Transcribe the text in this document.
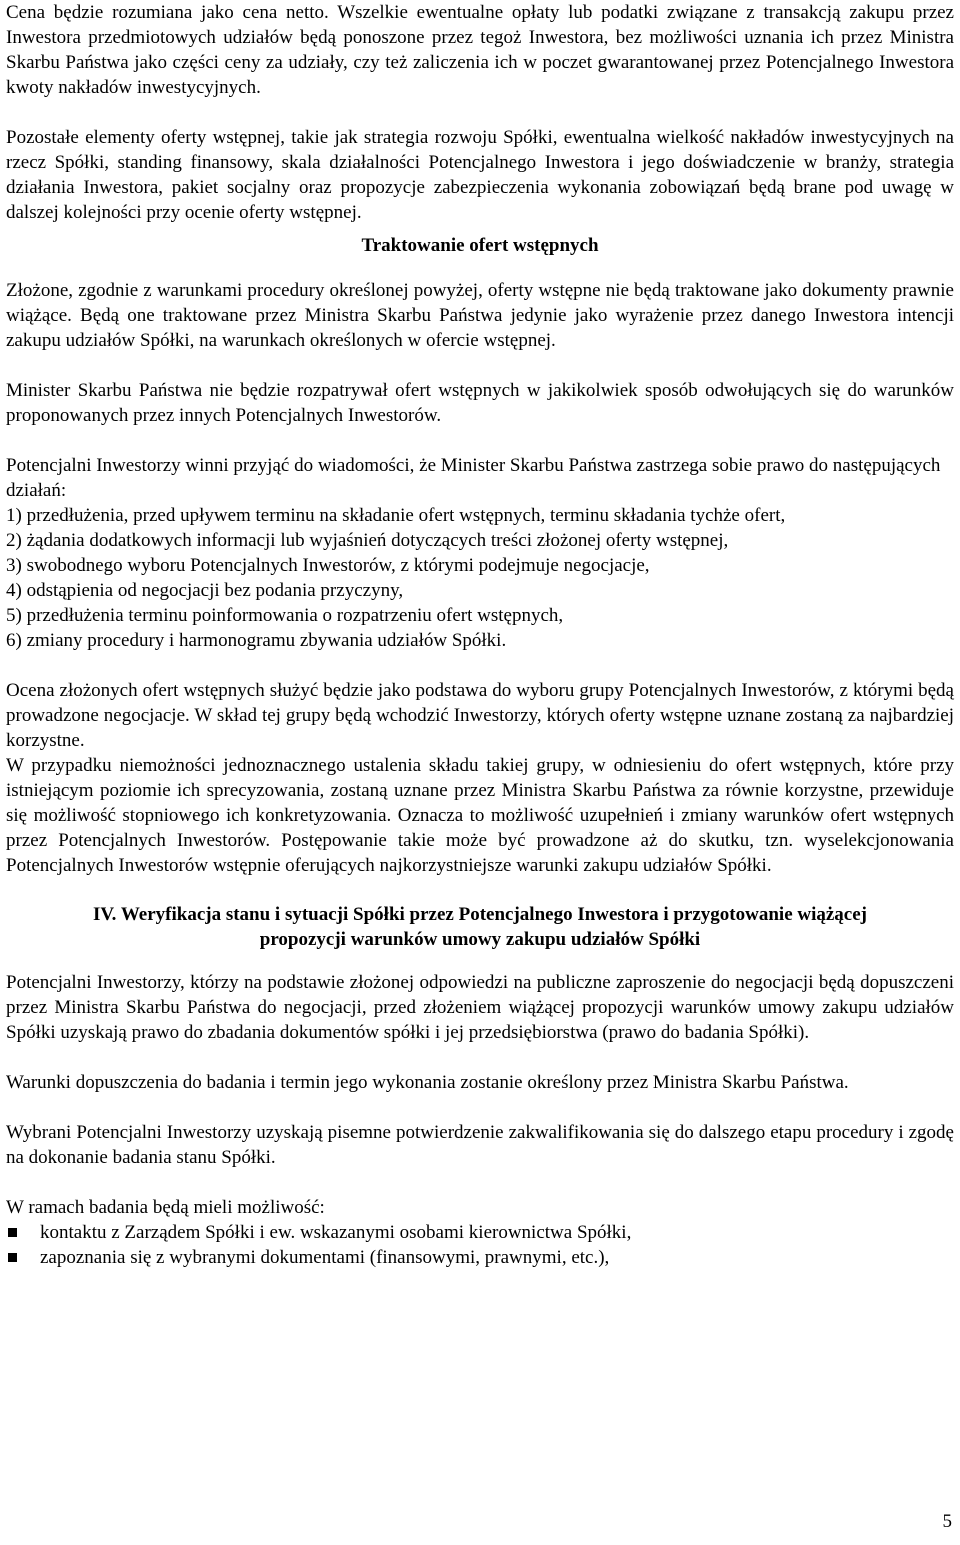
Cena będzie rozumiana jako cena netto. Wszelkie ewentualne opłaty lub podatki związane z transakcją zakupu przez Inwestora przedmiotowych udziałów będą ponoszone przez tegoż Inwestora, bez możliwości uznania ich przez Ministra Skarbu Państwa jako części ceny za udziały, czy też zaliczenia ich w poczet gwarantowanej przez Potencjalnego Inwestora kwoty nakładów inwestycyjnych.

Pozostałe elementy oferty wstępnej, takie jak strategia rozwoju Spółki, ewentualna wielkość nakładów inwestycyjnych na rzecz Spółki, standing finansowy, skala działalności Potencjalnego Inwestora i jego doświadczenie w branży, strategia działania Inwestora, pakiet socjalny oraz propozycje zabezpieczenia wykonania zobowiązań będą brane pod uwagę w dalszej kolejności przy ocenie oferty wstępnej.

Traktowanie ofert wstępnych

Złożone, zgodnie z warunkami procedury określonej powyżej, oferty wstępne nie będą traktowane jako dokumenty prawnie wiążące. Będą one traktowane przez Ministra Skarbu Państwa jedynie jako wyrażenie przez danego Inwestora intencji zakupu udziałów Spółki, na warunkach określonych w ofercie wstępnej.

Minister Skarbu Państwa nie będzie rozpatrywał ofert wstępnych w jakikolwiek sposób odwołujących się do warunków proponowanych przez innych Potencjalnych Inwestorów.

Potencjalni Inwestorzy winni przyjąć do wiadomości, że Minister Skarbu Państwa zastrzega sobie prawo do następujących działań:

1) przedłużenia, przed upływem terminu na składanie ofert wstępnych, terminu składania tychże ofert,

2) żądania dodatkowych informacji lub wyjaśnień dotyczących treści złożonej oferty wstępnej,

3) swobodnego wyboru Potencjalnych Inwestorów, z którymi podejmuje negocjacje,

4) odstąpienia od negocjacji bez podania przyczyny,

5) przedłużenia terminu poinformowania o rozpatrzeniu ofert wstępnych,

6) zmiany procedury i harmonogramu zbywania udziałów Spółki.

Ocena złożonych ofert wstępnych służyć będzie jako podstawa do wyboru grupy Potencjalnych Inwestorów, z którymi będą prowadzone negocjacje. W skład tej grupy będą wchodzić Inwestorzy, których oferty wstępne uznane zostaną za najbardziej korzystne.

W przypadku niemożności jednoznacznego ustalenia składu takiej grupy, w odniesieniu do ofert wstępnych, które przy istniejącym poziomie ich sprecyzowania, zostaną uznane przez Ministra Skarbu Państwa za równie korzystne, przewiduje się możliwość stopniowego ich konkretyzowania. Oznacza to możliwość uzupełnień i zmiany warunków ofert wstępnych przez Potencjalnych Inwestorów. Postępowanie takie może być prowadzone aż do skutku, tzn. wyselekcjonowania Potencjalnych Inwestorów wstępnie oferujących najkorzystniejsze warunki zakupu udziałów Spółki.

IV. Weryfikacja stanu i sytuacji Spółki przez Potencjalnego Inwestora i przygotowanie wiążącej
propozycji warunków umowy zakupu udziałów Spółki

Potencjalni Inwestorzy, którzy na podstawie złożonej odpowiedzi na publiczne zaproszenie do negocjacji będą dopuszczeni przez Ministra Skarbu Państwa do negocjacji, przed złożeniem wiążącej propozycji warunków umowy zakupu udziałów Spółki uzyskają prawo do zbadania dokumentów spółki i jej przedsiębiorstwa (prawo do badania Spółki).

Warunki dopuszczenia do badania i termin jego wykonania zostanie określony przez Ministra Skarbu Państwa.

Wybrani Potencjalni Inwestorzy uzyskają pisemne potwierdzenie zakwalifikowania się do dalszego etapu procedury i zgodę na dokonanie badania stanu Spółki.

W ramach badania będą mieli możliwość:

kontaktu z Zarządem Spółki i ew. wskazanymi osobami kierownictwa Spółki,
zapoznania się z wybranymi dokumentami (finansowymi, prawnymi, etc.),
5
